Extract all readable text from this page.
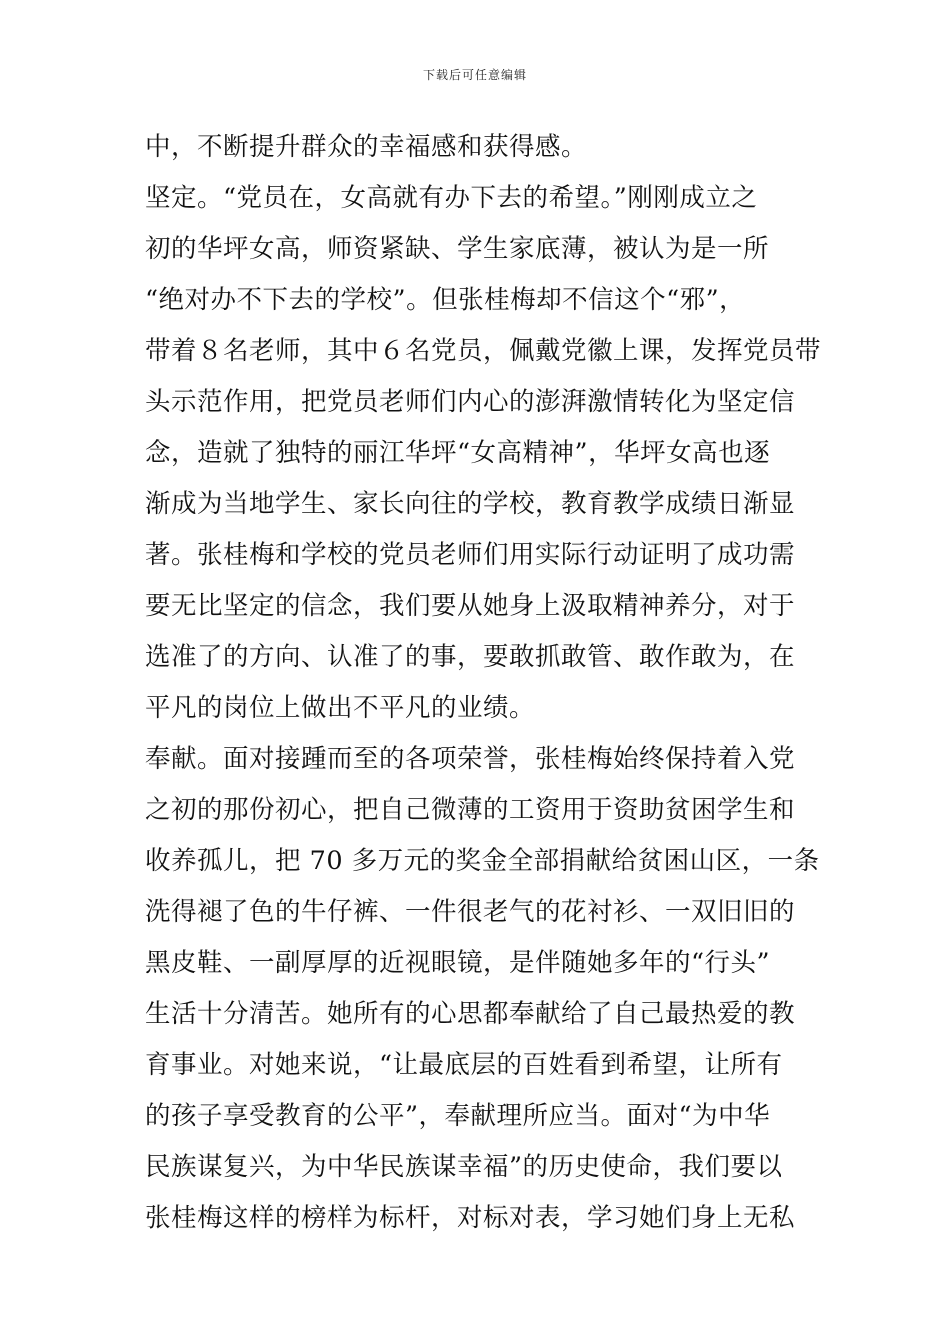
下载后可任意编辑
中，不断提升群众的幸福感和获得感。
坚定。“党员在，女高就有办下去的希望。”刚刚成立之
初的华坪女高，师资紧缺、学生家底薄，被认为是一所
“绝对办不下去的学校”。但张桂梅却不信这个“邪”，
带着８名老师，其中６名党员，佩戴党徽上课，发挥党员带
头示范作用，把党员老师们内心的澎湃激情转化为坚定信
念，造就了独特的丽江华坪“女高精神”，华坪女高也逐
渐成为当地学生、家长向往的学校，教育教学成绩日渐显
著。张桂梅和学校的党员老师们用实际行动证明了成功需
要无比坚定的信念，我们要从她身上汲取精神养分，对于
选准了的方向、认准了的事，要敢抓敢管、敢作敢为，在
平凡的岗位上做出不平凡的业绩。
奉献。面对接踵而至的各项荣誉，张桂梅始终保持着入党
之初的那份初心，把自己微薄的工资用于资助贫困学生和
收养孤儿，把 70 多万元的奖金全部捐献给贫困山区，一条
洗得褪了色的牛仔裤、一件很老气的花衬衫、一双旧旧的
黑皮鞋、一副厚厚的近视眼镜，是伴随她多年的“行头”
生活十分清苦。她所有的心思都奉献给了自己最热爱的教
育事业。对她来说，“让最底层的百姓看到希望，让所有
的孩子享受教育的公平”，奉献理所应当。面对“为中华
民族谋复兴，为中华民族谋幸福”的历史使命，我们要以
张桂梅这样的榜样为标杆，对标对表，学习她们身上无私
